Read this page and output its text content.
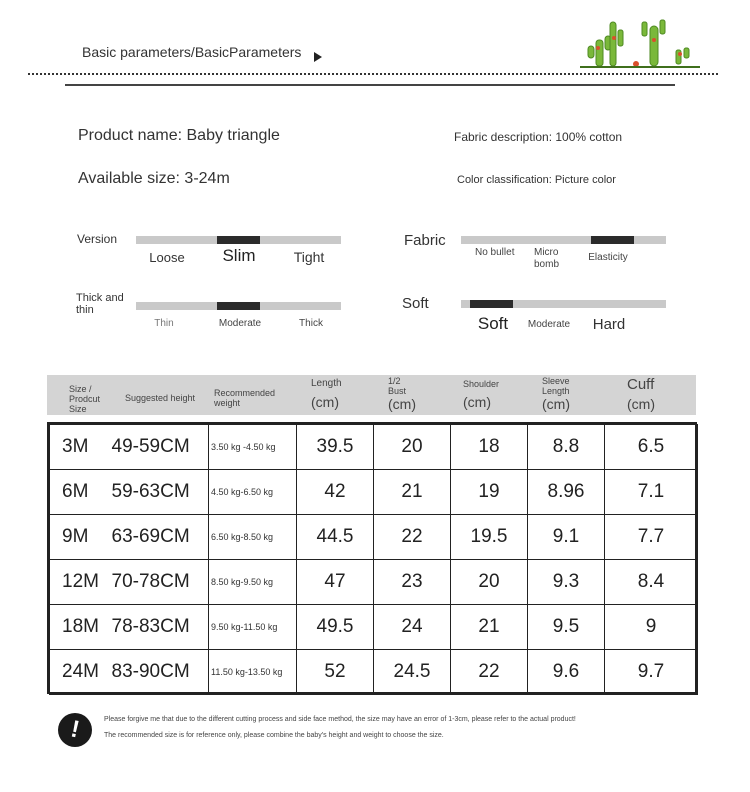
Basic parameters/BasicParameters
Product name: Baby triangle
Available size: 3-24m
Fabric description: 100% cotton
Color classification: Picture color
Version
Loose	Slim	Tight
Fabric
No bullet Micro bomb
Elasticity
Thick and thin
Thin	Moderate	Thick
Soft
Soft	Moderate	Hard
Size / Prodcut Size
Suggested height	Recommended weight
Length
(cm)
1/2 Bust
(cm)
Shoulder
(cm)
Sleeve Length
(cm)
Cuff
(cm)
3M	49-59CM	3.50 kg -4.50 kg	39.5	20	18	8.8	6.5
6M	59-63CM	4.50 kg-6.50 kg	42	21	19	8.96	7.1
9M	63-69CM	6.50 kg-8.50 kg	44.5	22	19.5	9.1	7.7
12M	70-78CM	8.50 kg-9.50 kg	47	23	20	9.3	8.4
18M	78-83CM	9.50 kg-11.50 kg	49.5	24	21	9.5	9
24M	83-90CM	11.50 kg-13.50 kg	52	24.5	22	9.6	9.7
!	Please forgive me that due to the different cutting process and side face method, the size may have an error of 1-3cm, please refer to the actual product!
The recommended size is for reference only, please combine the baby's height and weight to choose the size.
